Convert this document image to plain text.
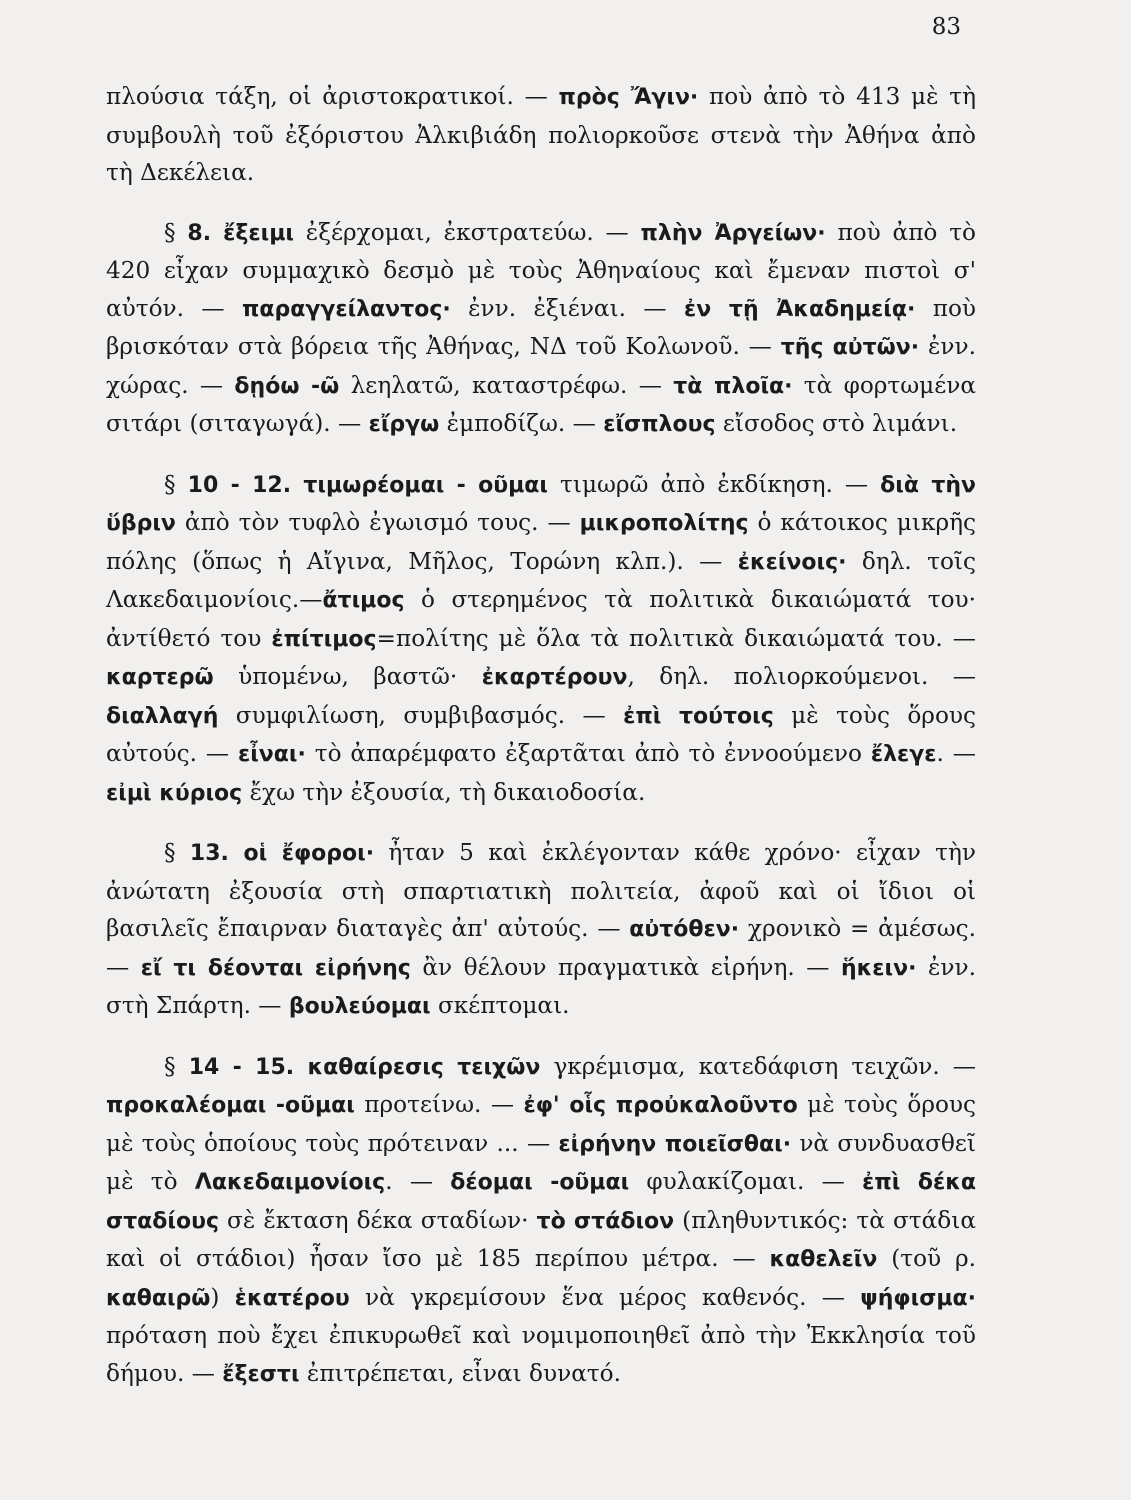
83

πλούσια τάξη, οἱ ἀριστοκρατικοί. — πρὸς Ἄγιν· ποὺ ἀπὸ τὸ 413 μὲ τὴ συμβουλὴ τοῦ ἐξόριστου Ἀλκιβιάδη πολιορκοῦσε στενὰ τὴν Ἀθήνα ἀπὸ τὴ Δεκέλεια.

§ 8. ἔξειμι ἐξέρχομαι, ἐκστρατεύω. — πλὴν Ἀργείων· ποὺ ἀπὸ τὸ 420 εἶχαν συμμαχικὸ δεσμὸ μὲ τοὺς Ἀθηναίους καὶ ἔμεναν πιστοὶ σ' αὐτόν. — παραγγείλαντος· ἐνν. ἐξιέναι. — ἐν τῇ Ἀκαδημείᾳ· ποὺ βρισκόταν στὰ βόρεια τῆς Ἀθήνας, ΝΔ τοῦ Κολωνοῦ. — τῆς αὐτῶν· ἐνν. χώρας. — δῃόω -ῶ λεηλατῶ, καταστρέφω. — τὰ πλοῖα· τὰ φορτωμένα σιτάρι (σιταγωγά). — εἴργω ἐμποδίζω. — εἴσπλους εἴσοδος στὸ λιμάνι.

§ 10 - 12. τιμωρέομαι - οῦμαι τιμωρῶ ἀπὸ ἐκδίκηση. — διὰ τὴν ὕβριν ἀπὸ τὸν τυφλὸ ἐγωισμό τους. — μικροπολίτης ὁ κάτοικος μικρῆς πόλης (ὅπως ἡ Αἴγινα, Μῆλος, Τορώνη κλπ.). — ἐκείνοις· δηλ. τοῖς Λακεδαιμονίοις.—ἄτιμος ὁ στερημένος τὰ πολιτικὰ δικαιώματά του· ἀντίθετό του ἐπίτιμος=πολίτης μὲ ὅλα τὰ πολιτικὰ δικαιώματά του. — καρτερῶ ὑπομένω, βαστῶ· ἐκαρτέρουν, δηλ. πολιορκούμενοι. — διαλλαγή συμφιλίωση, συμβιβασμός. — ἐπὶ τούτοις μὲ τοὺς ὅρους αὐτούς. — εἶναι· τὸ ἀπαρέμφατο ἐξαρτᾶται ἀπὸ τὸ ἐννοούμενο ἔλεγε. — εἰμὶ κύριος ἔχω τὴν ἐξουσία, τὴ δικαιοδοσία.

§ 13. οἱ ἔφοροι· ἦταν 5 καὶ ἐκλέγονταν κάθε χρόνο· εἶχαν τὴν ἀνώτατη ἐξουσία στὴ σπαρτιατικὴ πολιτεία, ἀφοῦ καὶ οἱ ἴδιοι οἱ βασιλεῖς ἔπαιρναν διαταγὲς ἀπ' αὐτούς. — αὐτόθεν· χρονικὸ = ἀμέσως. — εἴ τι δέονται εἰρήνης ἂν θέλουν πραγματικὰ εἰρήνη. — ἥκειν· ἐνν. στὴ Σπάρτη. — βουλεύομαι σκέπτομαι.

§ 14 - 15. καθαίρεσις τειχῶν γκρέμισμα, κατεδάφιση τειχῶν. — προκαλέομαι -οῦμαι προτείνω. — ἐφ' οἷς προὐκαλοῦντο μὲ τοὺς ὅρους μὲ τοὺς ὁποίους τοὺς πρότειναν ... — εἰρήνην ποιεῖσθαι· νὰ συνδυασθεῖ μὲ τὸ Λακεδαιμονίοις. — δέομαι -οῦμαι φυλακίζομαι. — ἐπὶ δέκα σταδίους σὲ ἔκταση δέκα σταδίων· τὸ στάδιον (πληθυντικός: τὰ στάδια καὶ οἱ στάδιοι) ἦσαν ἴσο μὲ 185 περίπου μέτρα. — καθελεῖν (τοῦ ρ. καθαιρῶ) ἑκατέρου νὰ γκρεμίσουν ἕνα μέρος καθενός. — ψήφισμα· πρόταση ποὺ ἔχει ἐπικυρωθεῖ καὶ νομιμοποιηθεῖ ἀπὸ τὴν Ἐκκλησία τοῦ δήμου. — ἔξεστι ἐπιτρέπεται, εἶναι δυνατό.
